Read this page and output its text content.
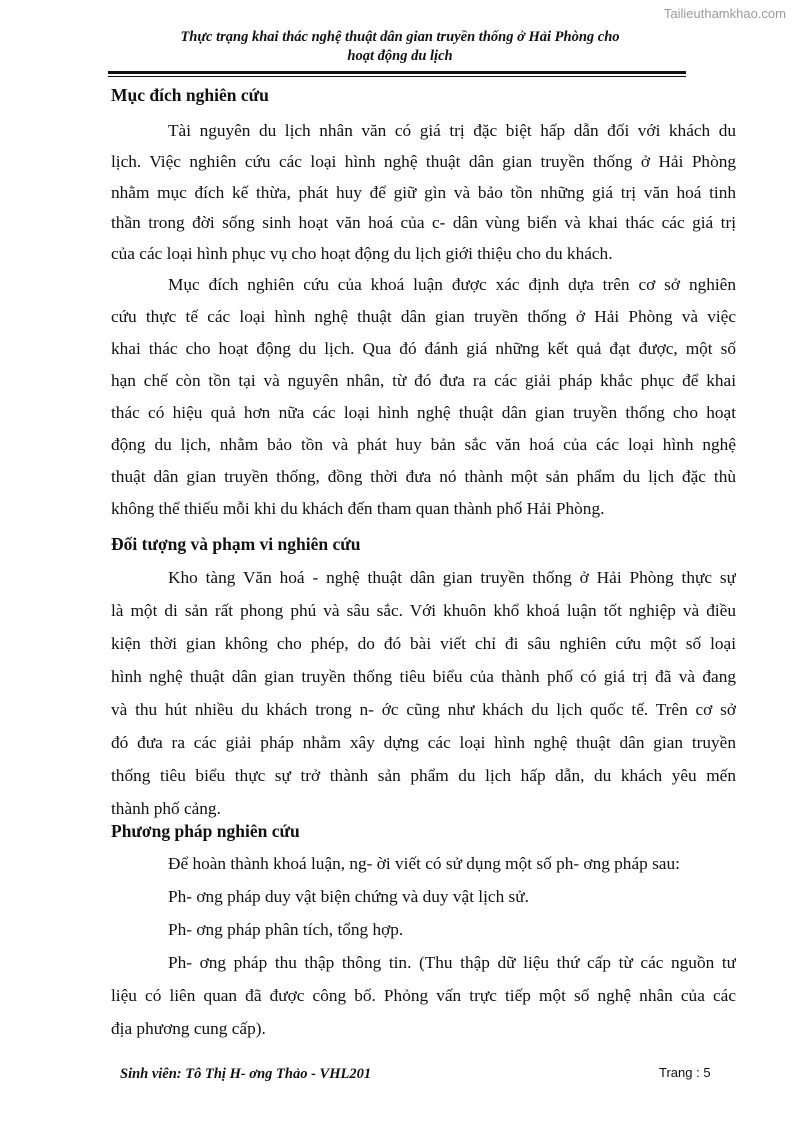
Tailieuthamkhao.com
Thực trạng khai thác nghệ thuật dân gian truyền thống ở Hải Phòng cho
hoạt động du lịch
Mục đích nghiên cứu
Tài nguyên du lịch nhân văn có giá trị đặc biệt hấp dẫn đối với khách du
lịch. Việc nghiên cứu các loại hình nghệ thuật dân gian truyền thống ở Hải Phòng
nhằm mục đích kế thừa, phát huy để giữ gìn và bảo tồn những giá trị văn hoá tinh
thần trong đời sống sinh hoạt văn hoá của c- dân vùng biển và khai thác các giá trị
của các loại hình phục vụ cho hoạt động du lịch giới thiệu cho du khách.
Mục đích nghiên cứu của khoá luận được xác định dựa trên cơ sở nghiên
cứu thực tế các loại hình nghệ thuật dân gian truyền thống ở Hải Phòng và việc
khai thác cho hoạt động du lịch. Qua đó đánh giá những kết quả đạt được, một số
hạn chế còn tồn tại và nguyên nhân, từ đó đưa ra các giải pháp khắc phục để khai
thác có hiệu quả hơn nữa các loại hình nghệ thuật dân gian truyền thống cho hoạt
động du lịch, nhằm bảo tồn và phát huy bản sắc văn hoá của các loại hình nghệ
thuật dân gian truyền thống, đồng thời đưa nó thành một sản phẩm du lịch đặc thù
không thể thiếu mỗi khi du khách đến tham quan thành phố Hải Phòng.
Đối tượng và phạm vi nghiên cứu
Kho tàng Văn hoá - nghệ thuật dân gian truyền thống ở Hải Phòng thực sự
là một di sản rất phong phú và sâu sắc. Với khuôn khổ khoá luận tốt nghiệp và điều
kiện thời gian không cho phép, do đó bài viết chỉ đi sâu nghiên cứu một số loại
hình nghệ thuật dân gian truyền thống tiêu biểu của thành phố có giá trị đã và đang
và thu hút nhiều du khách trong n- ớc cũng như khách du lịch quốc tế. Trên cơ sở
đó đưa ra các giải pháp nhằm xây dựng các loại hình nghệ thuật dân gian truyền
thống tiêu biểu thực sự trở thành sản phẩm du lịch hấp dẫn, du khách yêu mến
thành phố cảng.
Phương pháp nghiên cứu
Để hoàn thành khoá luận, ng- ời viết có sử dụng một số ph- ơng pháp sau:
Ph- ơng pháp duy vật biện chứng và duy vật lịch sử.
Ph- ơng pháp phân tích, tổng hợp.
Ph- ơng pháp thu thập thông tin. (Thu thập dữ liệu thứ cấp từ các nguồn tư
liệu có liên quan đã được công bố. Phỏng vấn trực tiếp một số nghệ nhân của các
địa phương cung cấp).
Sinh viên: Tô Thị H- ơng Thảo - VHL201	Trang : 5
